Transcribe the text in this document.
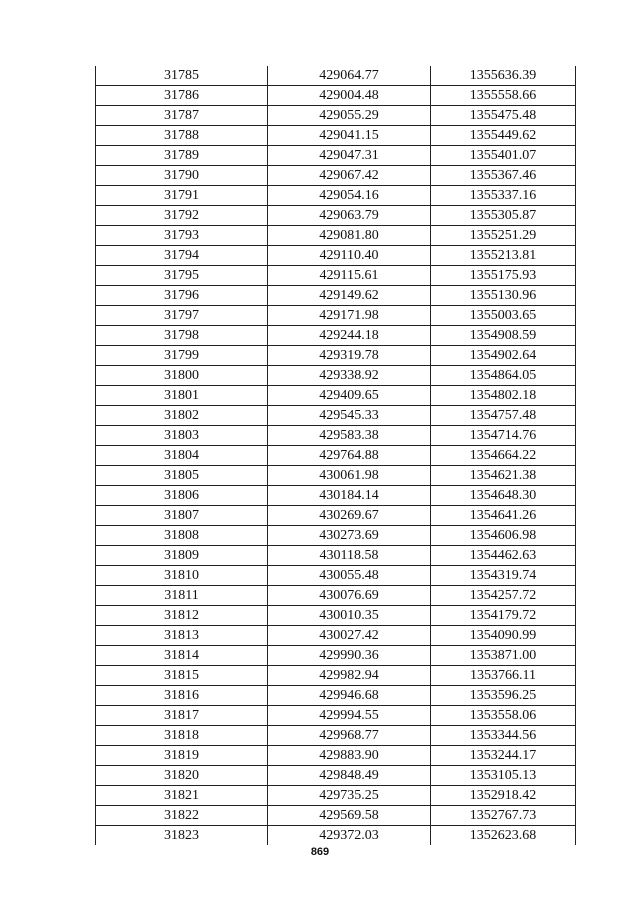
31785	429064.77	1355636.39
31786	429004.48	1355558.66
31787	429055.29	1355475.48
31788	429041.15	1355449.62
31789	429047.31	1355401.07
31790	429067.42	1355367.46
31791	429054.16	1355337.16
31792	429063.79	1355305.87
31793	429081.80	1355251.29
31794	429110.40	1355213.81
31795	429115.61	1355175.93
31796	429149.62	1355130.96
31797	429171.98	1355003.65
31798	429244.18	1354908.59
31799	429319.78	1354902.64
31800	429338.92	1354864.05
31801	429409.65	1354802.18
31802	429545.33	1354757.48
31803	429583.38	1354714.76
31804	429764.88	1354664.22
31805	430061.98	1354621.38
31806	430184.14	1354648.30
31807	430269.67	1354641.26
31808	430273.69	1354606.98
31809	430118.58	1354462.63
31810	430055.48	1354319.74
31811	430076.69	1354257.72
31812	430010.35	1354179.72
31813	430027.42	1354090.99
31814	429990.36	1353871.00
31815	429982.94	1353766.11
31816	429946.68	1353596.25
31817	429994.55	1353558.06
31818	429968.77	1353344.56
31819	429883.90	1353244.17
31820	429848.49	1353105.13
31821	429735.25	1352918.42
31822	429569.58	1352767.73
31823	429372.03	1352623.68
869
